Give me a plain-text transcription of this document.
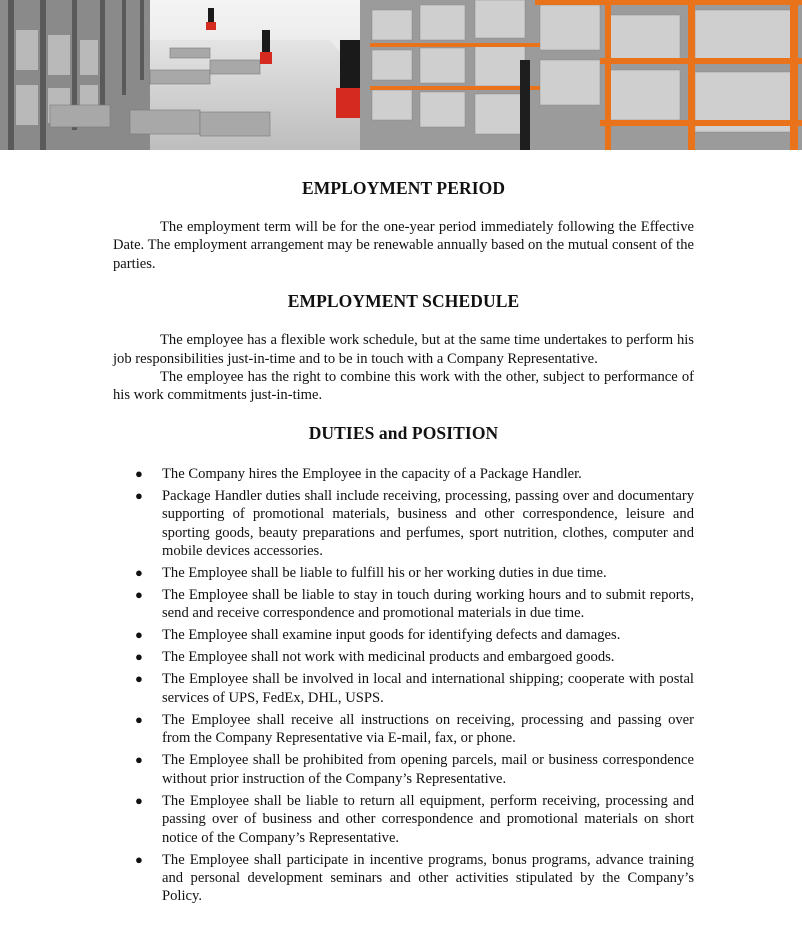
EMPLOYMENT PERIOD

The employment term will be for the one-year period immediately following the Effective Date. The employment arrangement may be renewable annually based on the mutual consent of the parties.

EMPLOYMENT SCHEDULE

The employee has a flexible work schedule, but at the same time undertakes to perform his job responsibilities just-in-time and to be in touch with a Company Representative.

The employee has the right to combine this work with the other, subject to performance of his work commitments just-in-time.

DUTIES and POSITION
● The Company hires the Employee in the capacity of a Package Handler.
● Package Handler duties shall include receiving, processing, passing over and documentary supporting of promotional materials, business and other correspondence, leisure and sporting goods, beauty preparations and perfumes, sport nutrition, clothes, computer and mobile devices accessories.
● The Employee shall be liable to fulfill his or her working duties in due time.
● The Employee shall be liable to stay in touch during working hours and to submit reports, send and receive correspondence and promotional materials in due time.
● The Employee shall examine input goods for identifying defects and damages.
● The Employee shall not work with medicinal products and embargoed goods.
● The Employee shall be involved in local and international shipping; cooperate with postal services of UPS, FedEx, DHL, USPS.
● The Employee shall receive all instructions on receiving, processing and passing over from the Company Representative via E-mail, fax, or phone.
● The Employee shall be prohibited from opening parcels, mail or business correspondence without prior instruction of the Company’s Representative.
● The Employee shall be liable to return all equipment, perform receiving, processing and passing over of business and other correspondence and promotional materials on short notice of the Company’s Representative.
● The Employee shall participate in incentive programs, bonus programs, advance training and personal development seminars and other activities stipulated by the Company’s Policy.
